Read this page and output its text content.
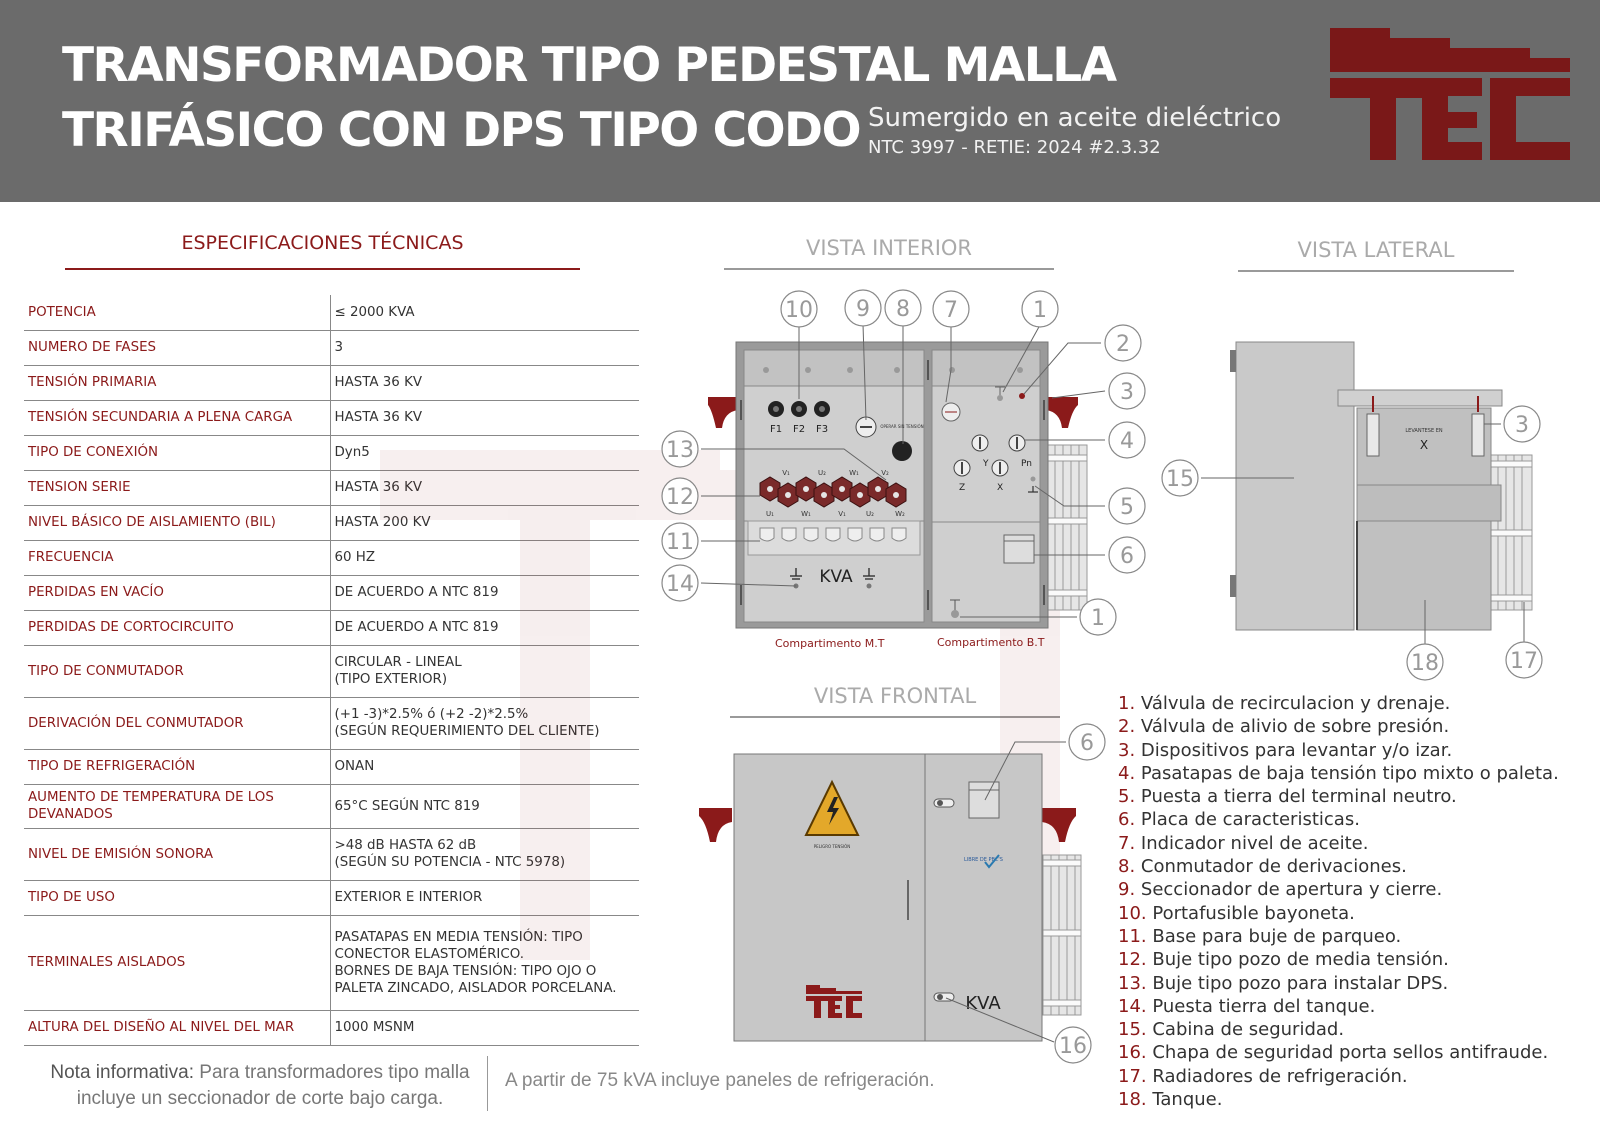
TRANSFORMADOR TIPO PEDESTAL MALLA
TRIFÁSICO CON DPS TIPO CODO Sumergido en aceite dieléctrico
NTC 3997 - RETIE: 2024 #2.3.32
ESPECIFICACIONES TÉCNICAS
POTENCIA	≤ 2000 KVA
NUMERO DE FASES	3
TENSIÓN PRIMARIA	HASTA 36 KV
TENSIÓN SECUNDARIA A PLENA CARGA	HASTA 36 KV
TIPO DE CONEXIÓN	Dyn5
TENSION SERIE	HASTA 36 KV
NIVEL BÁSICO DE AISLAMIENTO (BIL)	HASTA 200 KV
FRECUENCIA	60 HZ
PERDIDAS EN VACÍO	DE ACUERDO A NTC 819
PERDIDAS DE CORTOCIRCUITO	DE ACUERDO A NTC 819
TIPO DE CONMUTADOR	CIRCULAR - LINEAL
(TIPO EXTERIOR)
DERIVACIÓN DEL CONMUTADOR	(+1 -3)*2.5% ó (+2 -2)*2.5%
(SEGÚN REQUERIMIENTO DEL CLIENTE)
TIPO DE REFRIGERACIÓN	ONAN
AUMENTO DE TEMPERATURA DE LOS
DEVANADOS	65°C SEGÚN NTC 819
NIVEL DE EMISIÓN SONORA	>48 dB HASTA 62 dB
(SEGÚN SU POTENCIA - NTC 5978)
TIPO DE USO	EXTERIOR E INTERIOR
TERMINALES AISLADOS	PASATAPAS EN MEDIA TENSIÓN: TIPO
CONECTOR ELASTOMÉRICO.
BORNES DE BAJA TENSIÓN: TIPO OJO O
PALETA ZINCADO, AISLADOR PORCELANA.
ALTURA DEL DISEÑO AL NIVEL DEL MAR	1000 MSNM
Nota informativa: Para transformadores tipo malla incluye un seccionador de corte bajo carga.
A partir de 75 kVA incluye paneles de refrigeración.
VISTA INTERIOR	VISTA LATERAL
VISTA FRONTAL
Compartimento M.T	Compartimento B.T
F1 F2 F3	OPERAR SIN TENSIÓN
V₁	U₂	W₁	V₂
U₁	W₁	V₁	U₂	W₂
KVA
Y	Pn
Z	X
LEVANTESE EN
X
PELIGRO TENSIÓN
LIBRE DE PBC'S
KVA
10 9 8 7	1
2
3
4
5
6
1
13
12
11
14
15
3
18	17
6
16
1. Válvula de recirculacion y drenaje.
2. Válvula de alivio de sobre presión.
3. Dispositivos para levantar y/o izar.
4. Pasatapas de baja tensión tipo mixto o paleta.
5. Puesta a tierra del terminal neutro.
6. Placa de caracteristicas.
7. Indicador nivel de aceite.
8. Conmutador de derivaciones.
9. Seccionador de apertura y cierre.
10. Portafusible bayoneta.
11. Base para buje de parqueo.
12. Buje tipo pozo de media tensión.
13. Buje tipo pozo para instalar DPS.
14. Puesta tierra del tanque.
15. Cabina de seguridad.
16. Chapa de seguridad porta sellos antifraude.
17. Radiadores de refrigeración.
18. Tanque.
